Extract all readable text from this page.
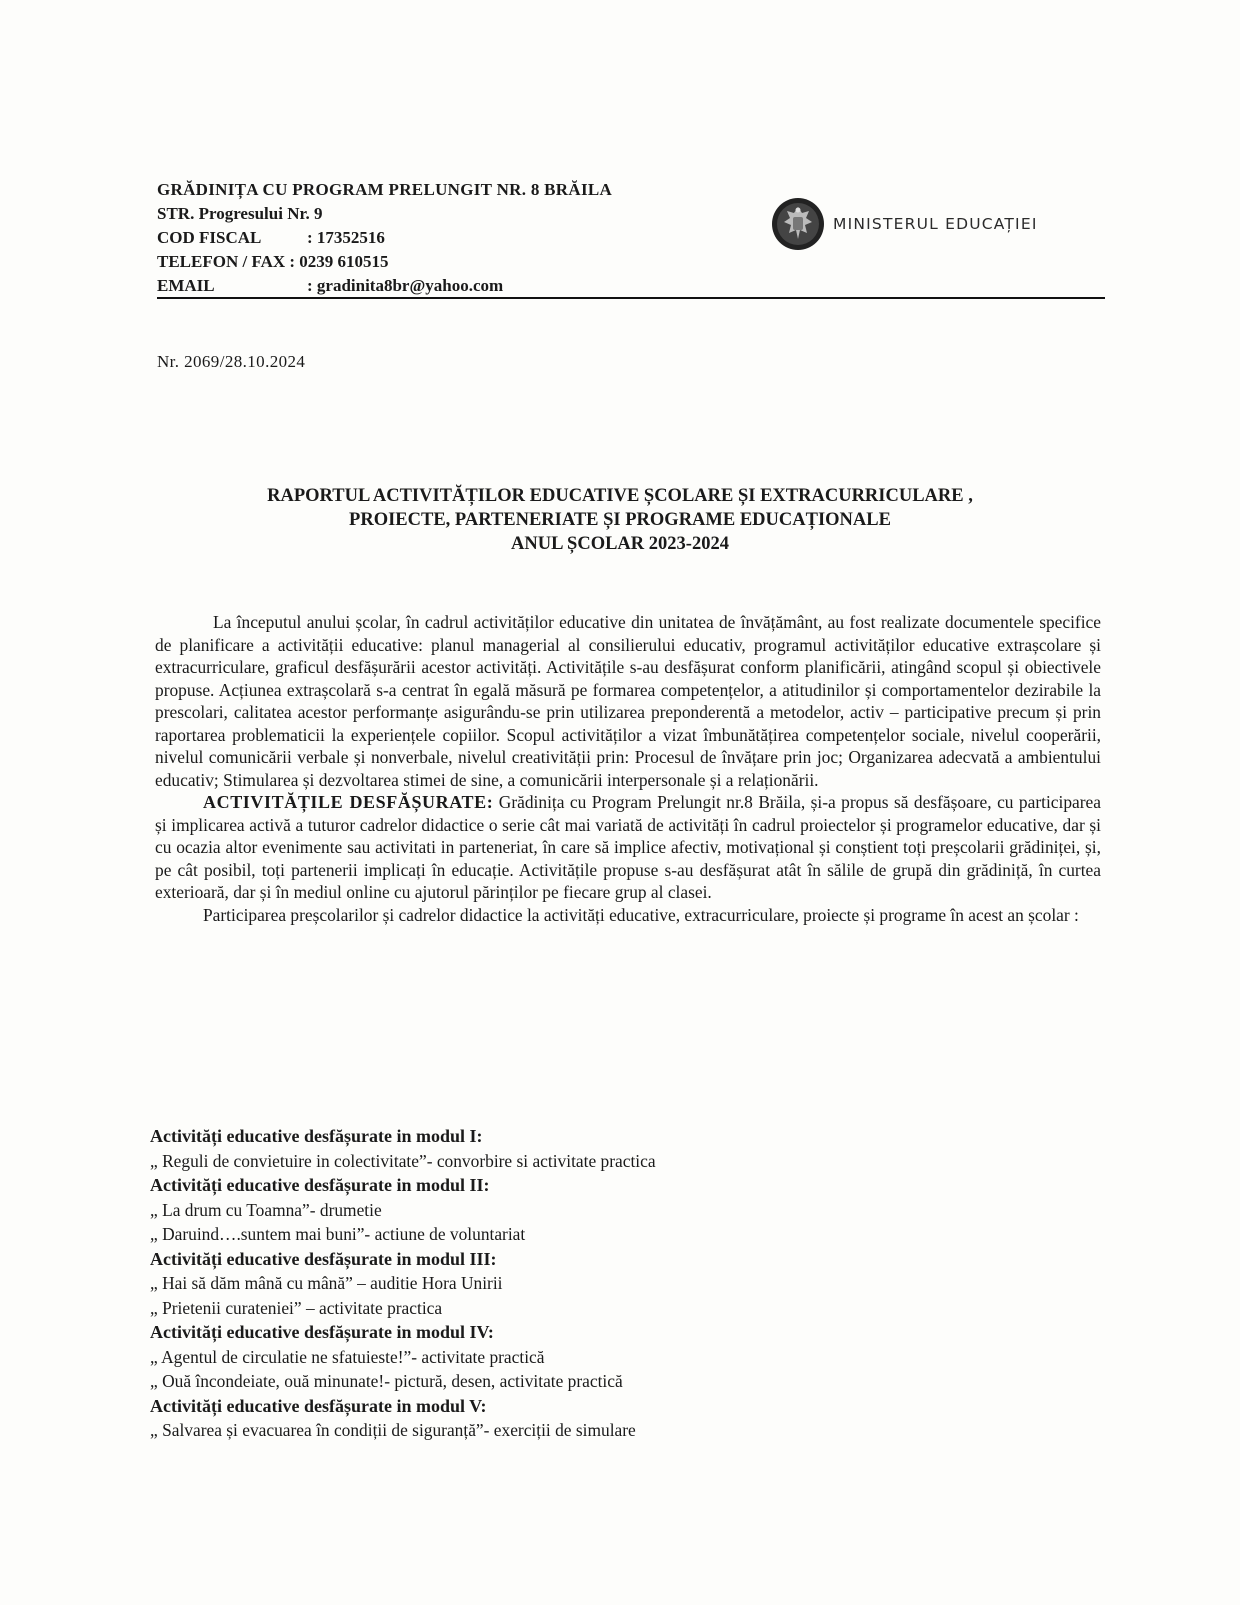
GRĂDINIȚA CU PROGRAM PRELUNGIT NR. 8 BRĂILA
STR. Progresului Nr. 9
COD FISCAL	: 17352516
TELEFON / FAX : 0239 610515
EMAIL	: gradinita8br@yahoo.com
MINISTERUL EDUCAȚIEI
Nr. 2069/28.10.2024
RAPORTUL ACTIVITĂȚILOR EDUCATIVE ȘCOLARE ȘI EXTRACURRICULARE ,
PROIECTE, PARTENERIATE ȘI PROGRAME EDUCAȚIONALE
ANUL ȘCOLAR 2023-2024

La începutul anului școlar, în cadrul activităților educative din unitatea de învățământ, au fost realizate documentele specifice de planificare a activității educative: planul managerial al consilierului educativ, programul activităților educative extrașcolare și extracurriculare, graficul desfășurării acestor activități. Activitățile s-au desfășurat conform planificării, atingând scopul și obiectivele propuse. Acțiunea extrașcolară s-a centrat în egală măsură pe formarea competențelor, a atitudinilor și comportamentelor dezirabile la prescolari, calitatea acestor performanțe asigurându-se prin utilizarea preponderentă a metodelor, activ – participative precum și prin raportarea problematicii la experiențele copiilor. Scopul activităților a vizat îmbunătățirea competențelor sociale, nivelul cooperării, nivelul comunicării verbale și nonverbale, nivelul creativității prin: Procesul de învățare prin joc; Organizarea adecvată a ambientului educativ; Stimularea și dezvoltarea stimei de sine, a comunicării interpersonale și a relaționării.

ACTIVITĂȚILE DESFĂȘURATE: Grădinița cu Program Prelungit nr.8 Brăila, și-a propus să desfășoare, cu participarea și implicarea activă a tuturor cadrelor didactice o serie cât mai variată de activități în cadrul proiectelor și programelor educative, dar și cu ocazia altor evenimente sau activitati in parteneriat, în care să implice afectiv, motivațional și conștient toți preșcolarii grădiniței, și, pe cât posibil, toți partenerii implicați în educație. Activitățile propuse s-au desfășurat atât în sălile de grupă din grădiniță, în curtea exterioară, dar și în mediul online cu ajutorul părinților pe fiecare grup al clasei.

Participarea preșcolarilor și cadrelor didactice la activități educative, extracurriculare, proiecte și programe în acest an școlar :

Activități educative desfășurate in modul I:
„ Reguli de convietuire in colectivitate”- convorbire si activitate practica
Activități educative desfășurate in modul II:
„ La drum cu Toamna”- drumetie
„ Daruind….suntem mai buni”- actiune de voluntariat
Activități educative desfășurate in modul III:
„ Hai să dăm mână cu mână” – auditie Hora Unirii
„ Prietenii curateniei” – activitate practica
Activități educative desfășurate in modul IV:
„ Agentul de circulatie ne sfatuieste!”- activitate practică
„ Ouă încondeiate, ouă minunate!- pictură, desen, activitate practică
Activități educative desfășurate in modul V:
„ Salvarea și evacuarea în condiții de siguranță”- exerciții de simulare
